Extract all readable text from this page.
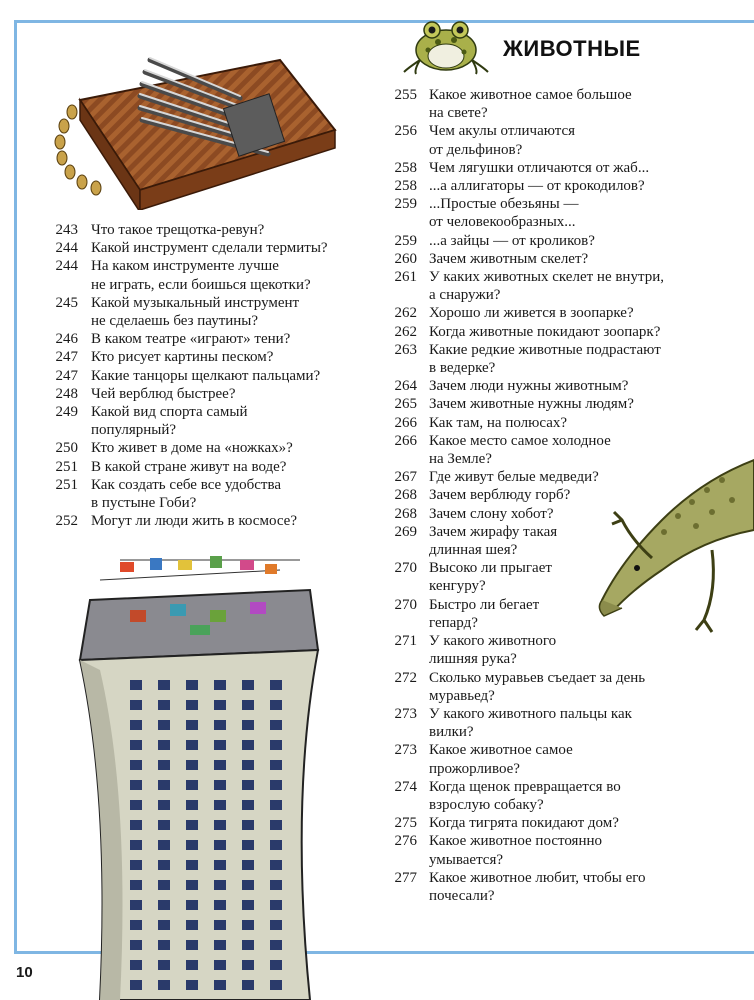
ЖИВОТНЫЕ
243 Что такое трещотка-ревун?
244 Какой инструмент сделали термиты?
244 На каком инструменте лучше
не играть, если боишься щекотки?
245 Какой музыкальный инструмент
не сделаешь без паутины?
246 В каком театре «играют» тени?
247 Кто рисует картины песком?
247 Какие танцоры щелкают пальцами?
248 Чей верблюд быстрее?
249 Какой вид спорта самый
популярный?
250 Кто живет в доме на «ножках»?
251 В какой стране живут на воде?
251 Как создать себе все удобства
в пустыне Гоби?
252 Могут ли люди жить в космосе?
255 Какое животное самое большое
на свете?
256 Чем акулы отличаются
от дельфинов?
258 Чем лягушки отличаются от жаб...
258 ...а аллигаторы — от крокодилов?
259 ...Простые обезьяны —
от человекообразных...
259 ...а зайцы — от кроликов?
260 Зачем животным скелет?
261 У каких животных скелет не внутри,
а снаружи?
262 Хорошо ли живется в зоопарке?
262 Когда животные покидают зоопарк?
263 Какие редкие животные подрастают
в ведерке?
264 Зачем люди нужны животным?
265 Зачем животные нужны людям?
266 Как там, на полюсах?
266 Какое место самое холодное
на Земле?
267 Где живут белые медведи?
268 Зачем верблюду горб?
268 Зачем слону хобот?
269 Зачем жирафу такая
длинная шея?
270 Высоко ли прыгает
кенгуру?
270 Быстро ли бегает
гепард?
271 У какого животного
лишняя рука?
272 Сколько муравьев съедает за день
муравьед?
273 У какого животного пальцы как
вилки?
273 Какое животное самое
прожорливое?
274 Когда щенок превращается во
взрослую собаку?
275 Когда тигрята покидают дом?
276 Какое животное постоянно
умывается?
277 Какое животное любит, чтобы его
почесали?
10
